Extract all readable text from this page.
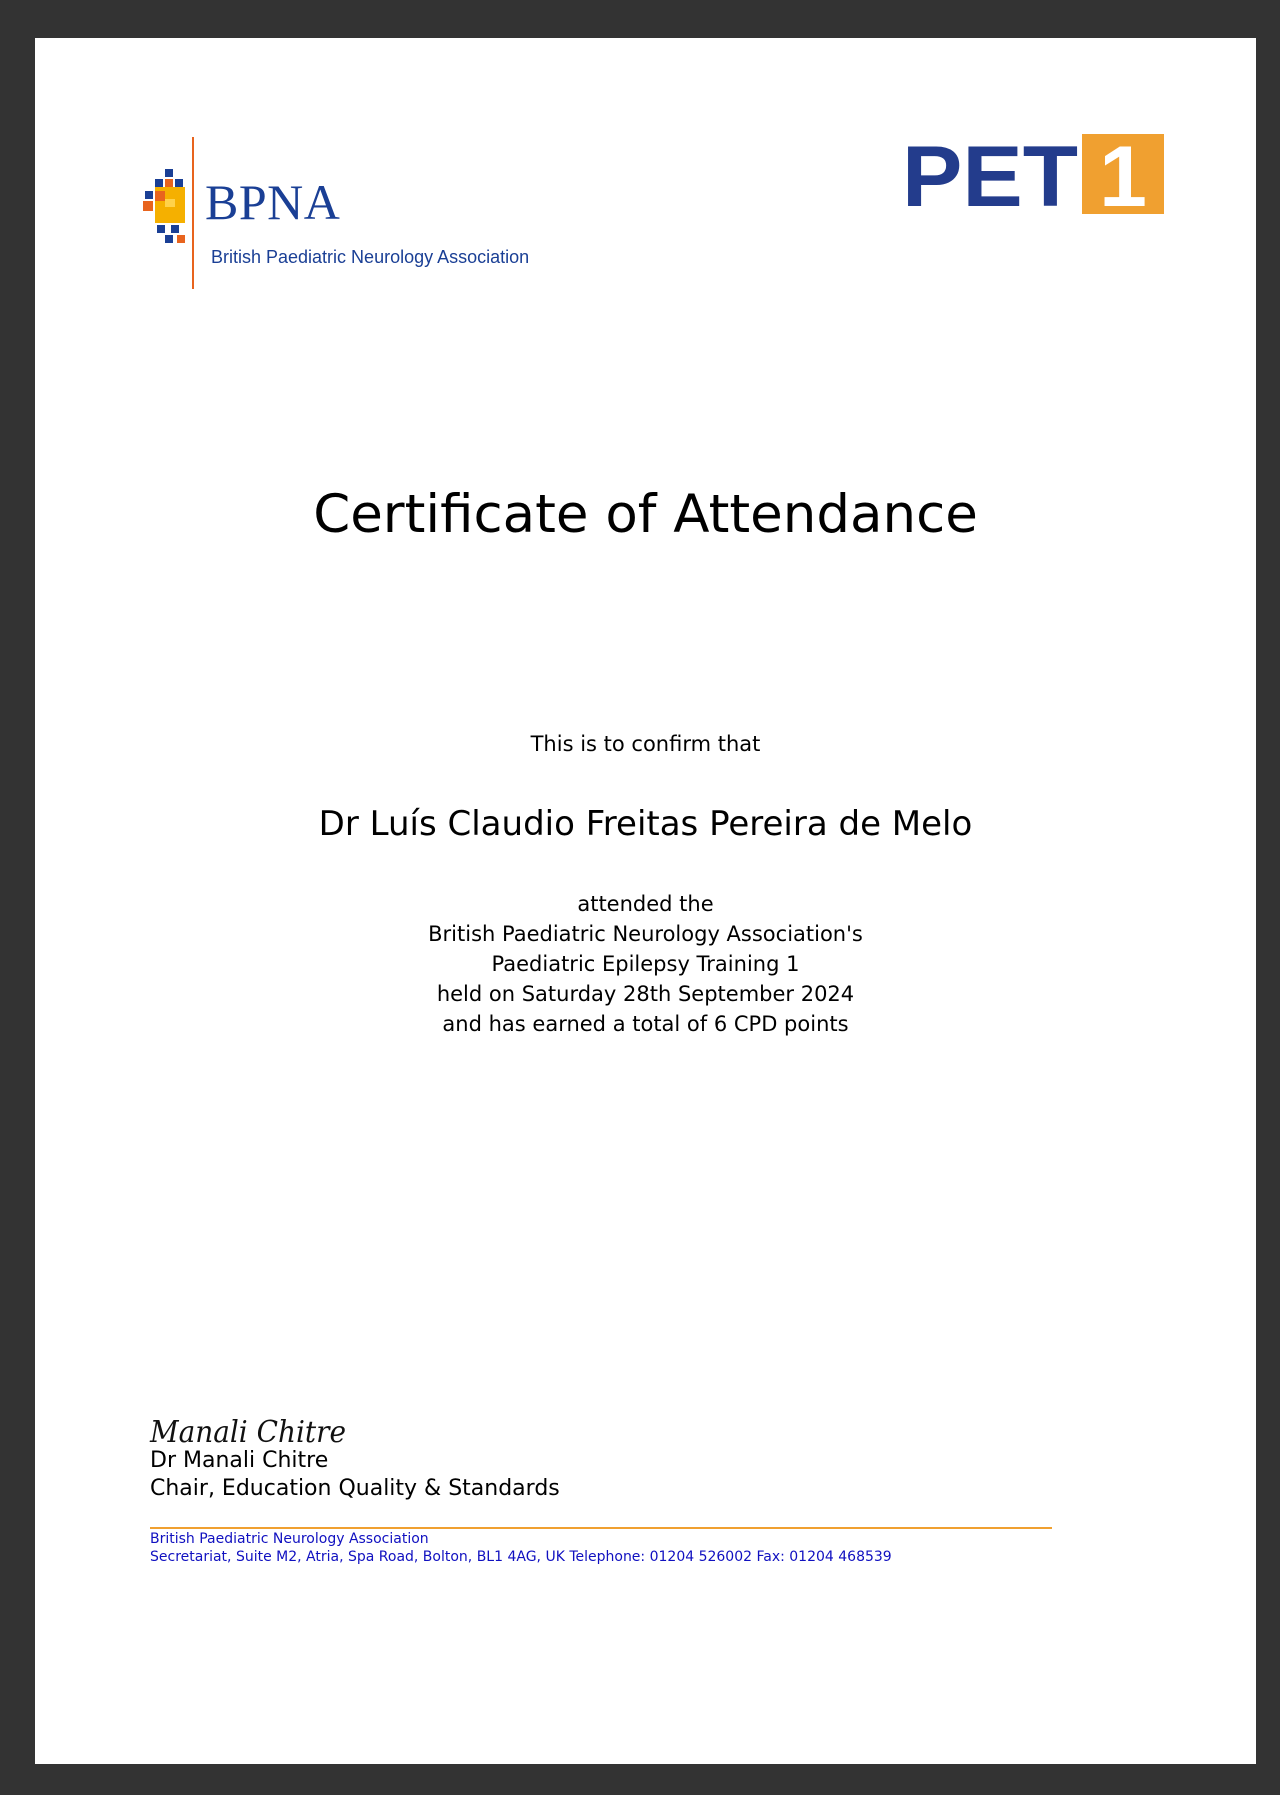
BPNA
British Paediatric Neurology Association
PET 1
Certificate of Attendance
This is to confirm that
Dr Luís Claudio Freitas Pereira de Melo
attended the
British Paediatric Neurology Association's
Paediatric Epilepsy Training 1
held on Saturday 28th September 2024
and has earned a total of 6 CPD points
Manali Chitre
Dr Manali Chitre
Chair, Education Quality & Standards
British Paediatric Neurology Association
Secretariat, Suite M2, Atria, Spa Road, Bolton, BL1 4AG, UK Telephone: 01204 526002 Fax: 01204 468539
